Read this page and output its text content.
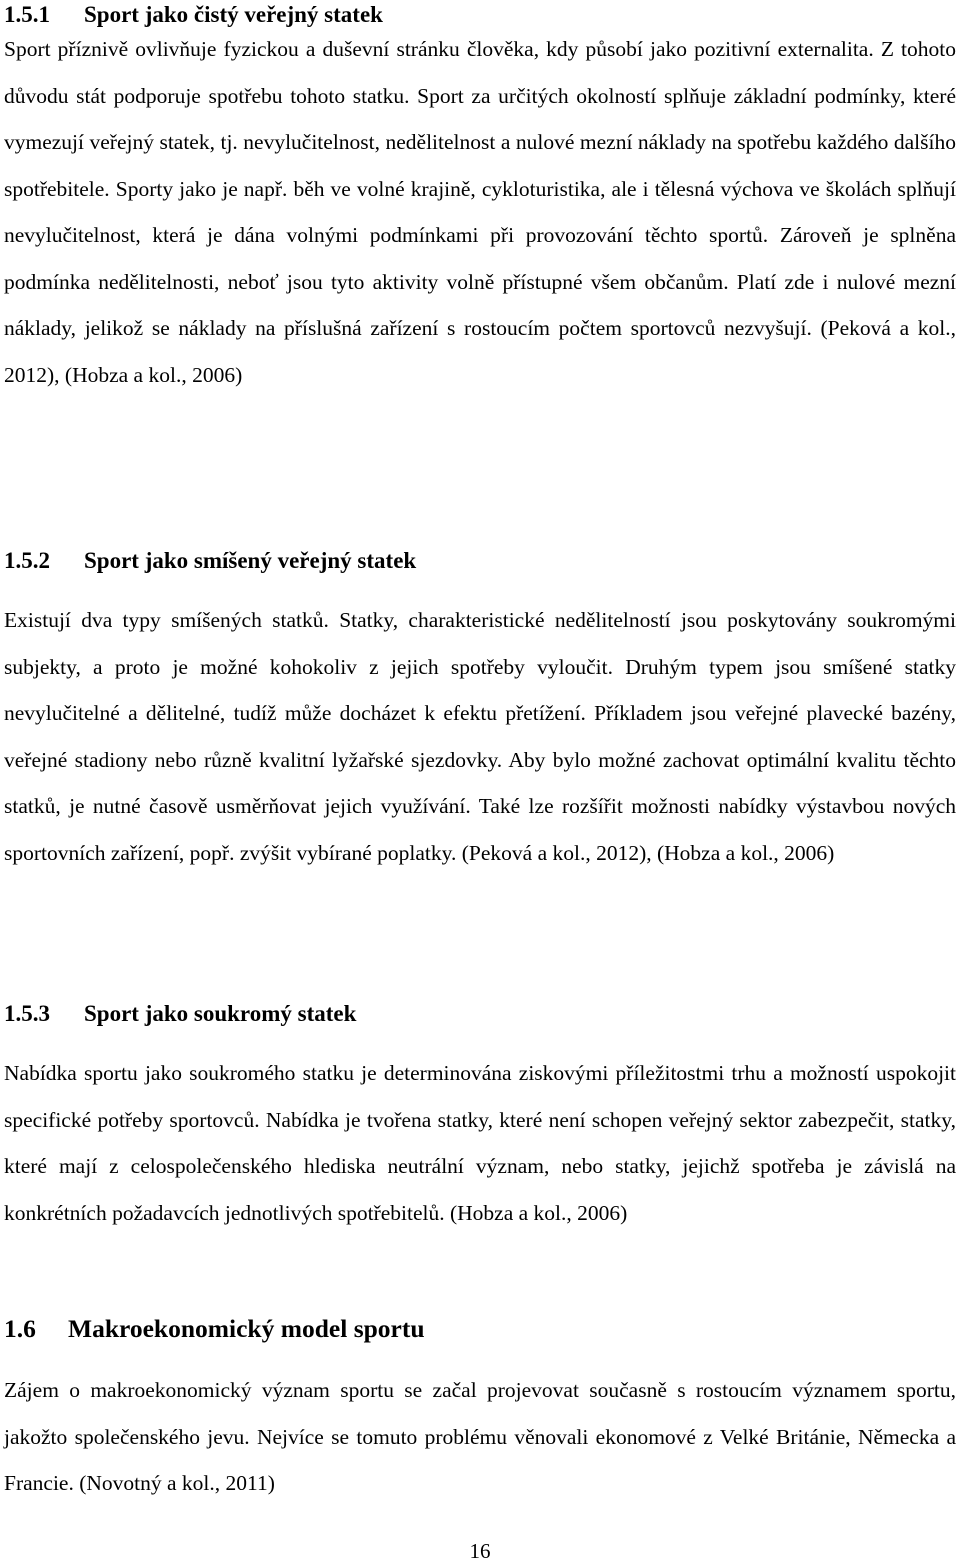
1.5.1 Sport jako čistý veřejný statek

Sport příznivě ovlivňuje fyzickou a duševní stránku člověka, kdy působí jako pozitivní externalita. Z tohoto důvodu stát podporuje spotřebu tohoto statku. Sport za určitých okolností splňuje základní podmínky, které vymezují veřejný statek, tj. nevylučitelnost, nedělitelnost a nulové mezní náklady na spotřebu každého dalšího spotřebitele. Sporty jako je např. běh ve volné krajině, cykloturistika, ale i tělesná výchova ve školách splňují nevylučitelnost, která je dána volnými podmínkami při provozování těchto sportů. Zároveň je splněna podmínka nedělitelnosti, neboť jsou tyto aktivity volně přístupné všem občanům. Platí zde i nulové mezní náklady, jelikož se náklady na příslušná zařízení s rostoucím počtem sportovců nezvyšují. (Peková a kol., 2012), (Hobza a kol., 2006)

1.5.2 Sport jako smíšený veřejný statek

Existují dva typy smíšených statků. Statky, charakteristické nedělitelností jsou poskytovány soukromými subjekty, a proto je možné kohokoliv z jejich spotřeby vyloučit. Druhým typem jsou smíšené statky nevylučitelné a dělitelné, tudíž může docházet k efektu přetížení. Příkladem jsou veřejné plavecké bazény, veřejné stadiony nebo různě kvalitní lyžařské sjezdovky. Aby bylo možné zachovat optimální kvalitu těchto statků, je nutné časově usměrňovat jejich využívání. Také lze rozšířit možnosti nabídky výstavbou nových sportovních zařízení, popř. zvýšit vybírané poplatky. (Peková a kol., 2012), (Hobza a kol., 2006)

1.5.3 Sport jako soukromý statek

Nabídka sportu jako soukromého statku je determinována ziskovými příležitostmi trhu a možností uspokojit specifické potřeby sportovců. Nabídka je tvořena statky, které není schopen veřejný sektor zabezpečit, statky, které mají z celospolečenského hlediska neutrální význam, nebo statky, jejichž spotřeba je závislá na konkrétních požadavcích jednotlivých spotřebitelů. (Hobza a kol., 2006)

1.6 Makroekonomický model sportu

Zájem o makroekonomický význam sportu se začal projevovat současně s rostoucím významem sportu, jakožto společenského jevu. Nejvíce se tomuto problému věnovali ekonomové z Velké Británie, Německa a Francie. (Novotný a kol., 2011)

16
